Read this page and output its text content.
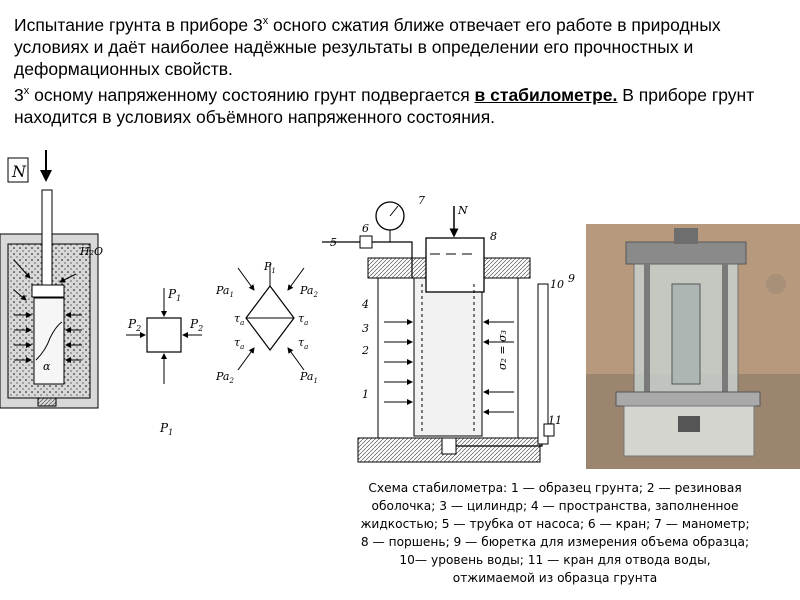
Испытание грунта в приборе $3^х$ осного сжатия ближе отвечает его работе в природных условиях и даёт наиболее надёжные результаты в определении его прочностных и деформационных свойств.

$3^х$ осному напряженному состоянию грунт подвергается в стабилометре. В приборе грунт находится в условиях объёмного напряженного состояния.

N
H₂O
α
$P_1$
$P_1$
$P_2$	$P_2$
$P_1$
$Pa_1$	$Pa_2$
$Pa_2$	$Pa_1$
$\tau_a$	$\tau_a$
$\tau_a$	$\tau_a$
N
σ₂ = σ₃
5
6
7
8
9
10
11
4
3
2
1
Схема стабилометра: 1 — образец грунта; 2 — резиновая оболочка; 3 — цилиндр; 4 — пространства, заполненное жидкостью; 5 — трубка от насоса; 6 — кран; 7 — манометр; 8 — поршень; 9 — бюретка для измерения объема образца; 10— уровень воды; 11 — кран для отвода воды, отжимаемой из образца грунта
